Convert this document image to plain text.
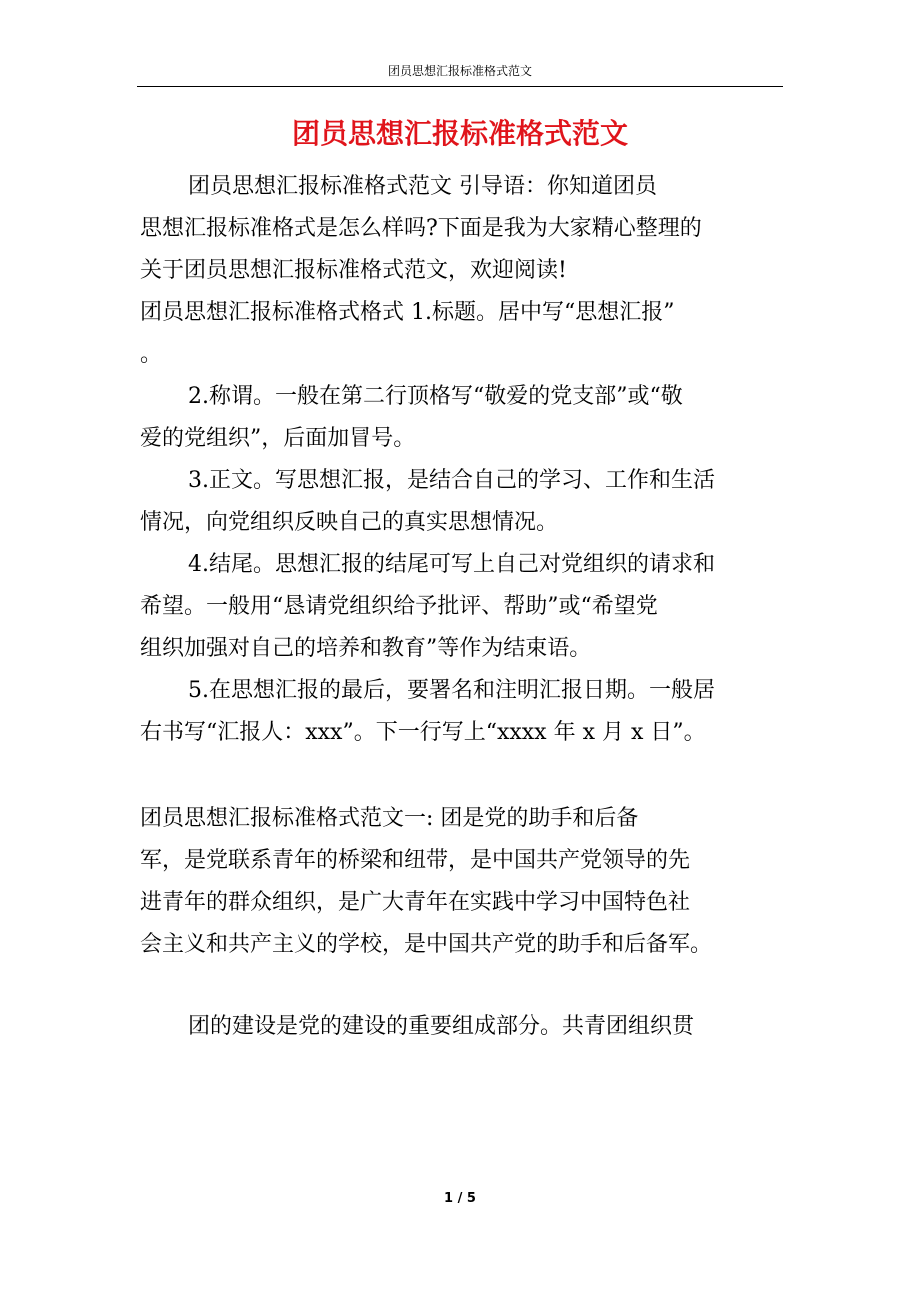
团员思想汇报标准格式范文
团员思想汇报标准格式范文
团员思想汇报标准格式范文 引导语：你知道团员
思想汇报标准格式是怎么样吗?下面是我为大家精心整理的
关于团员思想汇报标准格式范文，欢迎阅读!
团员思想汇报标准格式格式 1.标题。居中写“思想汇报”
。
2.称谓。一般在第二行顶格写“敬爱的党支部”或“敬
爱的党组织”，后面加冒号。
3.正文。写思想汇报，是结合自己的学习、工作和生活
情况，向党组织反映自己的真实思想情况。
4.结尾。思想汇报的结尾可写上自己对党组织的请求和
希望。一般用“恳请党组织给予批评、帮助”或“希望党
组织加强对自己的培养和教育”等作为结束语。
5.在思想汇报的最后，要署名和注明汇报日期。一般居
右书写“汇报人：xxx”。下一行写上“xxxx 年 x 月 x 日”。
团员思想汇报标准格式范文一: 团是党的助手和后备
军，是党联系青年的桥梁和纽带，是中国共产党领导的先
进青年的群众组织，是广大青年在实践中学习中国特色社
会主义和共产主义的学校，是中国共产党的助手和后备军。
团的建设是党的建设的重要组成部分。共青团组织贯
1 / 5
